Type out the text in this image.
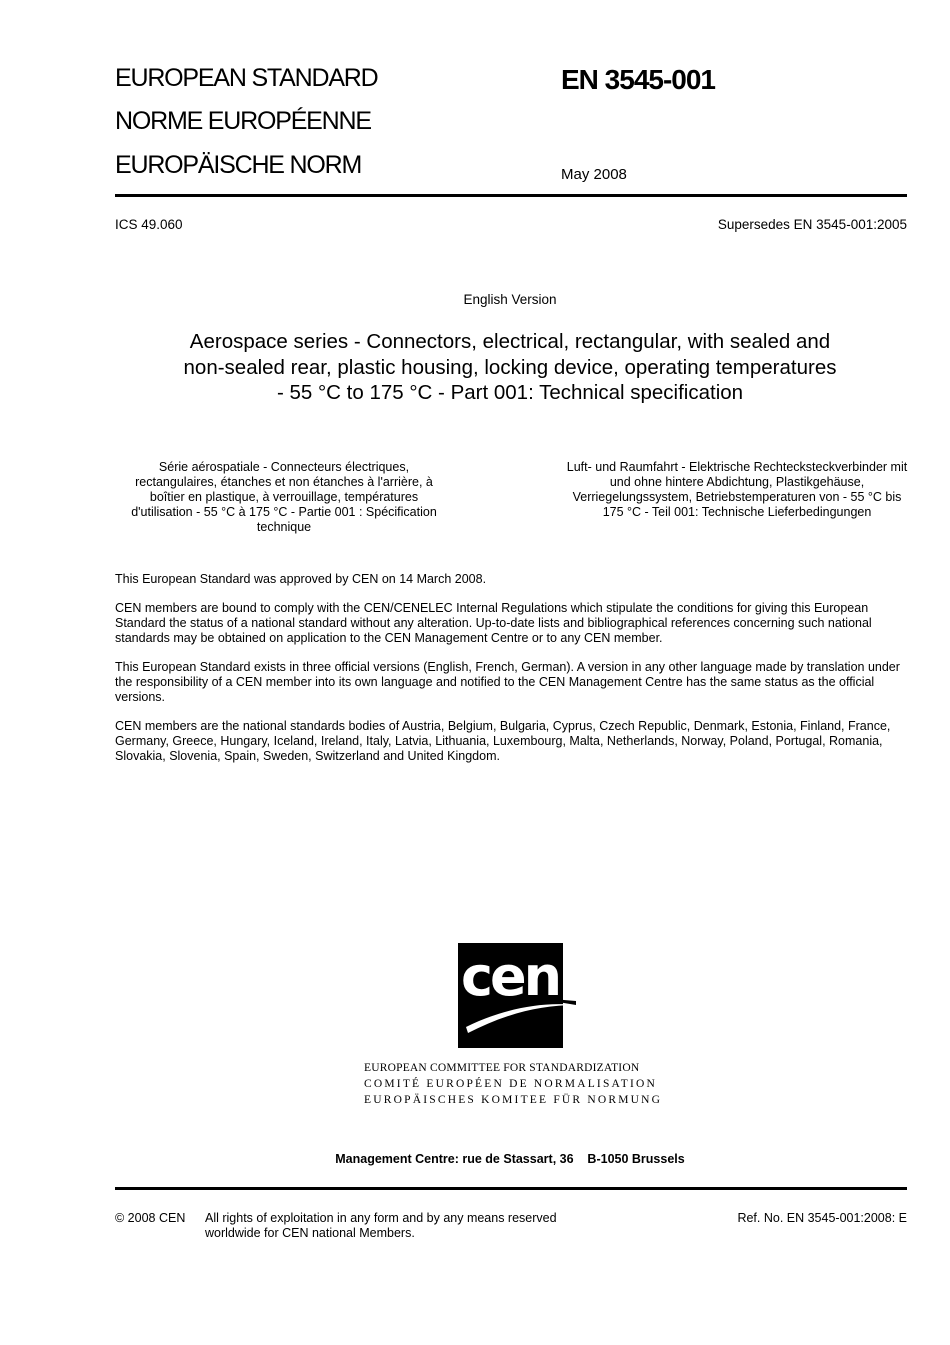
EUROPEAN STANDARD
NORME EUROPÉENNE
EUROPÄISCHE NORM
EN 3545-001
May 2008
ICS 49.060	Supersedes EN 3545-001:2005
English Version
Aerospace series - Connectors, electrical, rectangular, with sealed and non-sealed rear, plastic housing, locking device, operating temperatures - 55 °C to 175 °C - Part 001: Technical specification
Série aérospatiale - Connecteurs électriques, rectangulaires, étanches et non étanches à l'arrière, à boîtier en plastique, à verrouillage, températures d'utilisation - 55 °C à 175 °C - Partie 001 : Spécification technique
Luft- und Raumfahrt - Elektrische Rechtecksteckverbinder mit und ohne hintere Abdichtung, Plastikgehäuse, Verriegelungssystem, Betriebstemperaturen von - 55 °C bis 175 °C - Teil 001: Technische Lieferbedingungen
This European Standard was approved by CEN on 14 March 2008.
CEN members are bound to comply with the CEN/CENELEC Internal Regulations which stipulate the conditions for giving this European Standard the status of a national standard without any alteration. Up-to-date lists and bibliographical references concerning such national standards may be obtained on application to the CEN Management Centre or to any CEN member.
This European Standard exists in three official versions (English, French, German). A version in any other language made by translation under the responsibility of a CEN member into its own language and notified to the CEN Management Centre has the same status as the official versions.
CEN members are the national standards bodies of Austria, Belgium, Bulgaria, Cyprus, Czech Republic, Denmark, Estonia, Finland, France, Germany, Greece, Hungary, Iceland, Ireland, Italy, Latvia, Lithuania, Luxembourg, Malta, Netherlands, Norway, Poland, Portugal, Romania, Slovakia, Slovenia, Spain, Sweden, Switzerland and United Kingdom.
cen
EUROPEAN COMMITTEE FOR STANDARDIZATION
COMITÉ EUROPÉEN DE NORMALISATION
EUROPÄISCHES KOMITEE FÜR NORMUNG
Management Centre: rue de Stassart, 36    B-1050 Brussels
© 2008 CEN All rights of exploitation in any form and by any means reserved
worldwide for CEN national Members.
Ref. No. EN 3545-001:2008: E
